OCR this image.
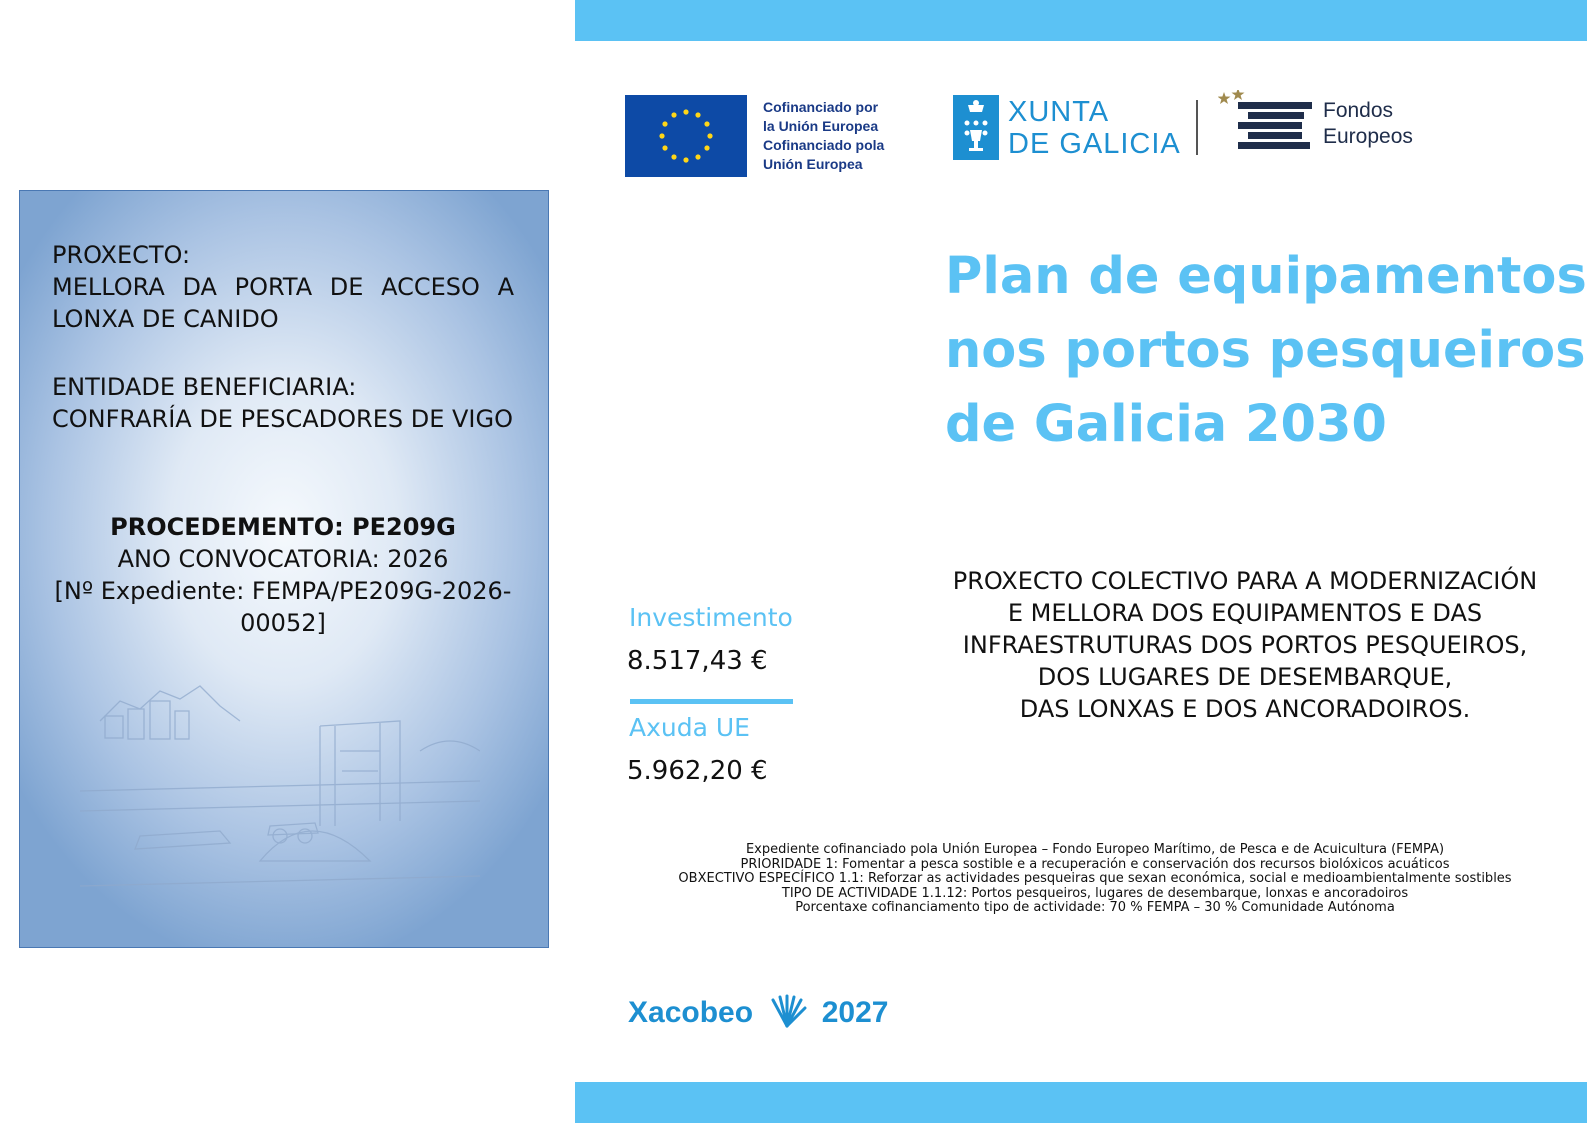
PROXECTO:
MELLORA DA PORTA DE ACCESO A
LONXA DE CANIDO
ENTIDADE BENEFICIARIA:
CONFRARÍA DE PESCADORES DE VIGO
PROCEDEMENTO: PE209G
ANO CONVOCATORIA: 2026
[Nº Expediente: FEMPA/PE209G-2026-
00052]
Cofinanciado por
la Unión Europea
Cofinanciado pola
Unión Europea
XUNTA
DE GALICIA
Fondos
Europeos
Plan de equipamentos
nos portos pesqueiros
de Galicia 2030
Investimento
8.517,43 €
Axuda UE
5.962,20 €
PROXECTO COLECTIVO PARA A MODERNIZACIÓN
E MELLORA DOS EQUIPAMENTOS E DAS
INFRAESTRUTURAS DOS PORTOS PESQUEIROS,
DOS LUGARES DE DESEMBARQUE,
DAS LONXAS E DOS ANCORADOIROS.
Expediente cofinanciado pola Unión Europea – Fondo Europeo Marítimo, de Pesca e de Acuicultura (FEMPA)
PRIORIDADE 1: Fomentar a pesca sostible e a recuperación e conservación dos recursos biolóxicos acuáticos
OBXECTIVO ESPECÍFICO 1.1: Reforzar as actividades pesqueiras que sexan económica, social e medioambientalmente sostibles
TIPO DE ACTIVIDADE 1.1.12: Portos pesqueiros, lugares de desembarque, lonxas e ancoradoiros
Porcentaxe cofinanciamento tipo de actividade: 70 % FEMPA – 30 % Comunidade Autónoma
Xacobeo 2027
